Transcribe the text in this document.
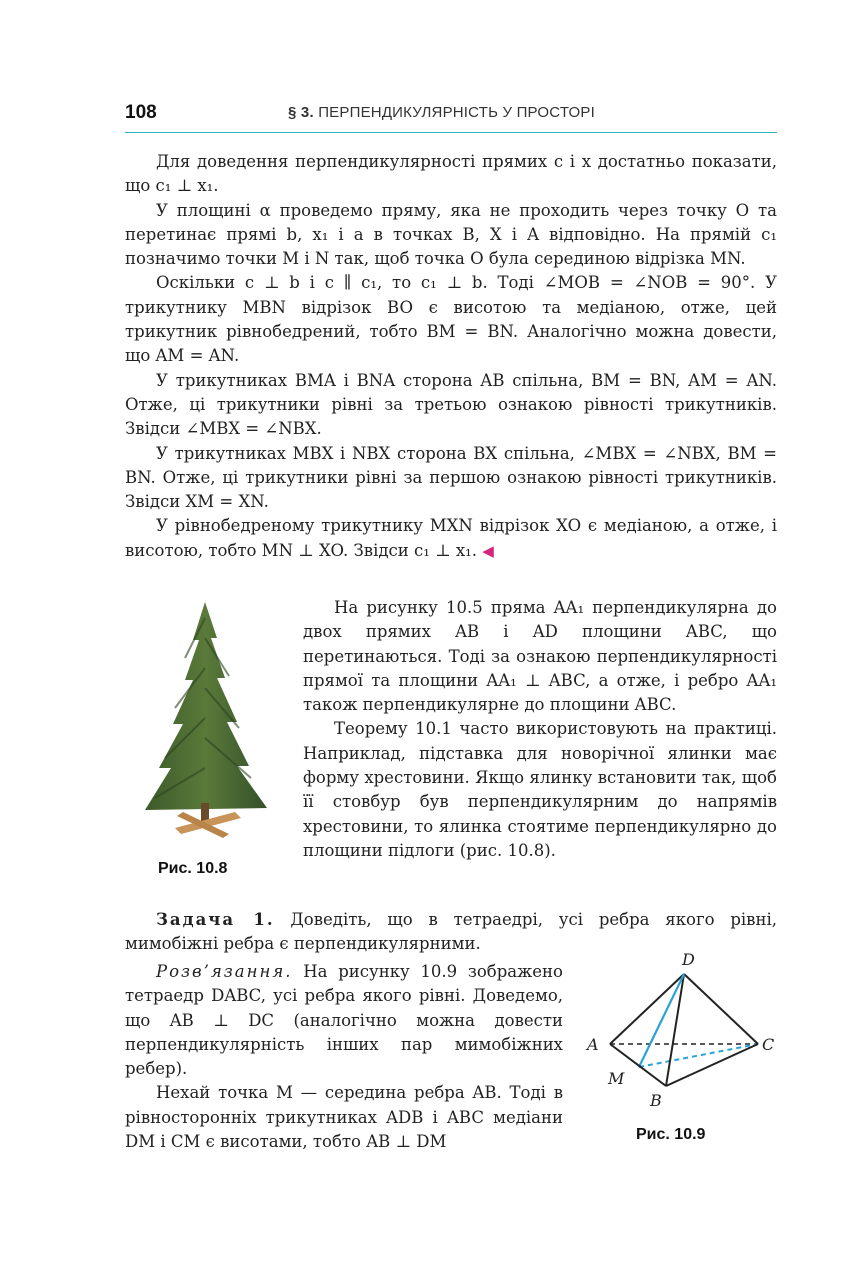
108	§ 3. ПЕРПЕНДИКУЛЯРНІСТЬ У ПРОСТОРІ

Для доведення перпендикулярності прямих c і x достатньо показати, що c₁ ⊥ x₁.

У площині α проведемо пряму, яка не проходить через точку O та перетинає прямі b, x₁ і a в точках B, X і A відповідно. На прямій c₁ позначимо точки M і N так, щоб точка O була серединою відрізка MN.

Оскільки c ⊥ b і c ∥ c₁, то c₁ ⊥ b. Тоді ∠MOB = ∠NOB = 90°. У трикутнику MBN відрізок BO є висотою та медіаною, отже, цей трикутник рівнобедрений, тобто BM = BN. Аналогічно можна довести, що AM = AN.

У трикутниках BMA і BNA сторона AB спільна, BM = BN, AM = AN. Отже, ці трикутники рівні за третьою ознакою рівності трикутників. Звідси ∠MBX = ∠NBX.

У трикутниках MBX і NBX сторона BX спільна, ∠MBX = ∠NBX, BM = BN. Отже, ці трикутники рівні за першою ознакою рівності трикутників. Звідси XM = XN.

У рівнобедреному трикутнику MXN відрізок XO є медіаною, а отже, і висотою, тобто MN ⊥ XO. Звідси c₁ ⊥ x₁. ◀

Рис. 10.8

На рисунку 10.5 пряма AA₁ перпендикулярна до двох прямих AB і AD площини ABC, що перетинаються. Тоді за ознакою перпендикулярності прямої та площини AA₁ ⊥ ABC, а отже, і ребро AA₁ також перпендикулярне до площини ABC.

Теорему 10.1 часто використовують на практиці. Наприклад, підставка для новорічної ялинки має форму хрестовини. Якщо ялинку встановити так, щоб її стовбур був перпендикулярним до напрямів хрестовини, то ялинка стоятиме перпендикулярно до площини підлоги (рис. 10.8).

Задача 1. Доведіть, що в тетраедрі, усі ребра якого рівні, мимобіжні ребра є перпендикулярними.

Розв’язання. На рисунку 10.9 зображено тетраедр DABC, усі ребра якого рівні. Доведемо, що AB ⊥ DC (аналогічно можна довести перпендикулярність інших пар мимобіжних ребер).

Нехай точка M — середина ребра AB. Тоді в рівносторонніх трикутниках ADB і ABC медіани DM і CM є висотами, тобто AB ⊥ DM

D
A	C
M
B
Рис. 10.9
